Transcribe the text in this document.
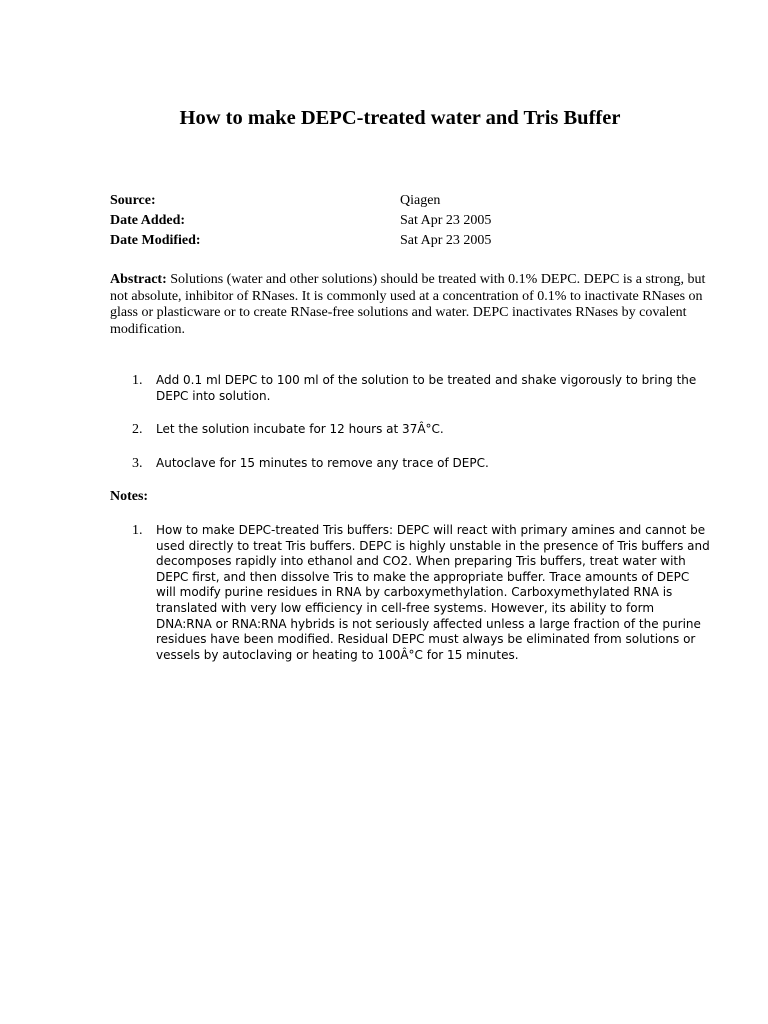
How to make DEPC-treated water and Tris Buffer
Source:	Qiagen
Date Added:	Sat Apr 23 2005
Date Modified:	Sat Apr 23 2005

Abstract: Solutions (water and other solutions) should be treated with 0.1% DEPC. DEPC is a strong, but not absolute, inhibitor of RNases. It is commonly used at a concentration of 0.1% to inactivate RNases on glass or plasticware or to create RNase-free solutions and water. DEPC inactivates RNases by covalent modification.

1. Add 0.1 ml DEPC to 100 ml of the solution to be treated and shake vigorously to bring the DEPC into solution.
2. Let the solution incubate for 12 hours at 37Â°C.
3. Autoclave for 15 minutes to remove any trace of DEPC.
Notes:
1. How to make DEPC-treated Tris buffers: DEPC will react with primary amines and cannot be used directly to treat Tris buffers. DEPC is highly unstable in the presence of Tris buffers and decomposes rapidly into ethanol and CO2. When preparing Tris buffers, treat water with DEPC first, and then dissolve Tris to make the appropriate buffer. Trace amounts of DEPC will modify purine residues in RNA by carboxymethylation. Carboxymethylated RNA is translated with very low efficiency in cell-free systems. However, its ability to form DNA:RNA or RNA:RNA hybrids is not seriously affected unless a large fraction of the purine residues have been modified. Residual DEPC must always be eliminated from solutions or vessels by autoclaving or heating to 100Â°C for 15 minutes.
